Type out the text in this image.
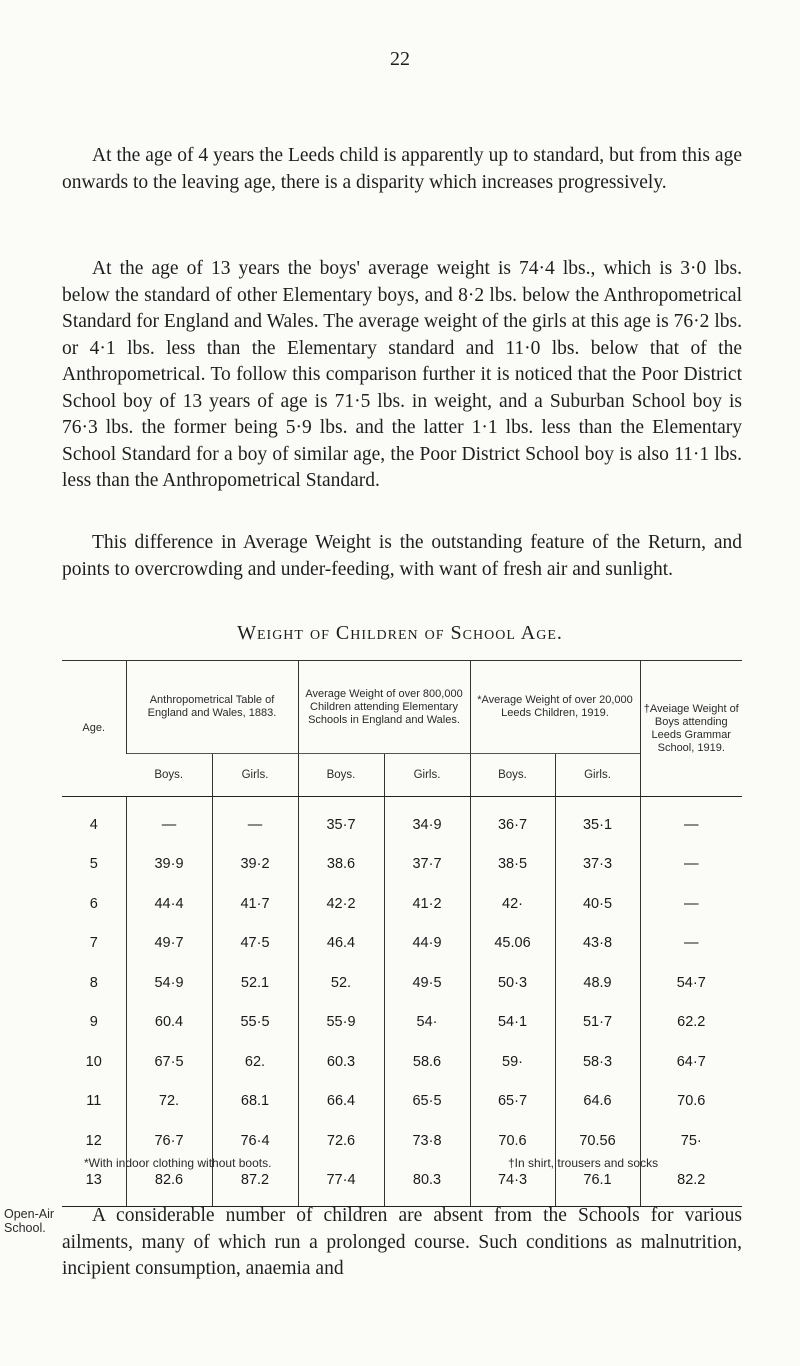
22

At the age of 4 years the Leeds child is apparently up to standard, but from this age onwards to the leaving age, there is a disparity which increases progressively.

At the age of 13 years the boys' average weight is 74·4 lbs., which is 3·0 lbs. below the standard of other Elementary boys, and 8·2 lbs. below the Anthropometrical Standard for England and Wales. The average weight of the girls at this age is 76·2 lbs. or 4·1 lbs. less than the Elementary standard and 11·0 lbs. below that of the Anthropometrical. To follow this comparison further it is noticed that the Poor District School boy of 13 years of age is 71·5 lbs. in weight, and a Suburban School boy is 76·3 lbs. the former being 5·9 lbs. and the latter 1·1 lbs. less than the Elementary School Standard for a boy of similar age, the Poor District School boy is also 11·1 lbs. less than the Anthropometrical Standard.

This difference in Average Weight is the outstanding feature of the Return, and points to overcrowding and under-feeding, with want of fresh air and sunlight.

Weight of Children of School Age.
Age.	Anthropometrical Table of England and Wales, 1883.		Average Weight of over 800,000 Children attending Elementary Schools in England and Wales.		*Average Weight of over 20,000 Leeds Children, 1919.		†Aveiage Weight of Boys attending Leeds Grammar School, 1919.
	Boys.	Girls.	Boys.	Girls.	Boys.	Girls.	
4	—	—	35·7	34·9	36·7	35·1	—
5	39·9	39·2	38.6	37·7	38·5	37·3	—
6	44·4	41·7	42·2	41·2	42·	40·5	—
7	49·7	47·5	46.4	44·9	45.06	43·8	—
8	54·9	52.1	52.	49·5	50·3	48.9	54·7
9	60.4	55·5	55·9	54·	54·1	51·7	62.2
10	67·5	62.	60.3	58.6	59·	58·3	64·7
11	72.	68.1	66.4	65·5	65·7	64.6	70.6
12	76·7	76·4	72.6	73·8	70.6	70.56	75·
13	82.6	87.2	77·4	80.3	74·3	76.1	82.2
*With indoor clothing without boots.	†In shirt, trousers and socks
Open-Air School.

A considerable number of children are absent from the Schools for various ailments, many of which run a prolonged course. Such conditions as malnutrition, incipient consumption, anaemia and
